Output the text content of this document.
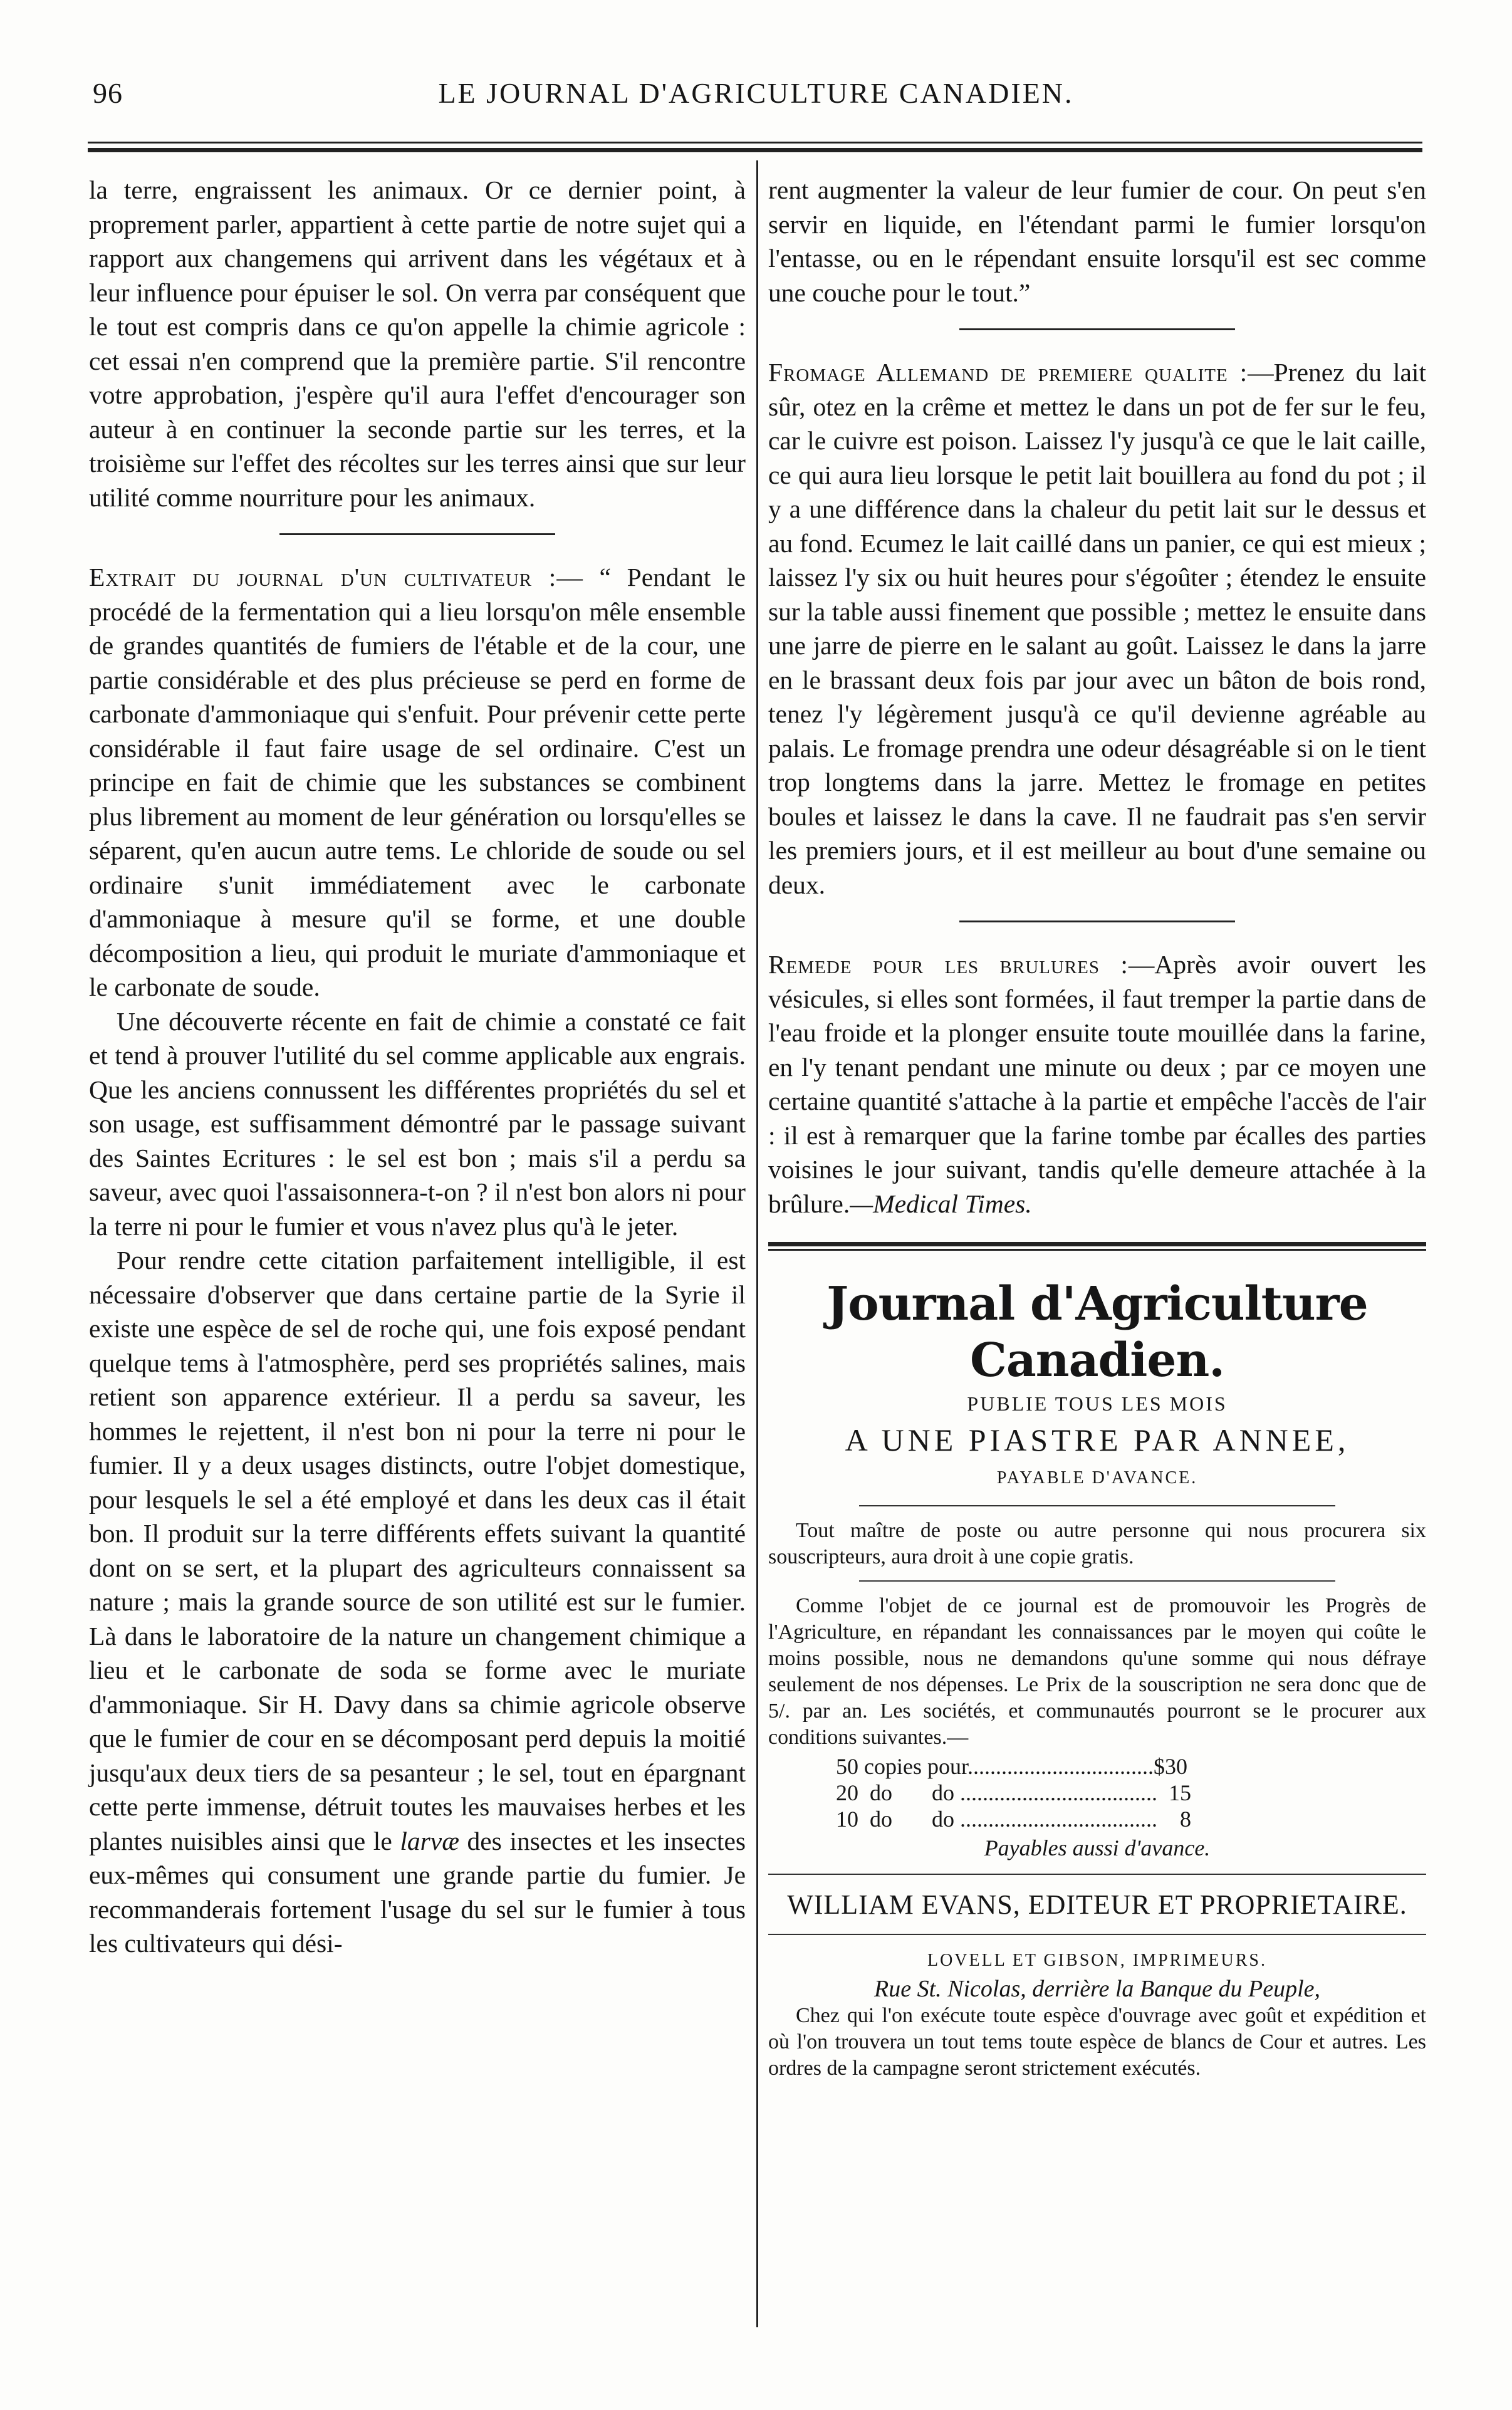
96	LE JOURNAL D'AGRICULTURE CANADIEN.

la terre, engraissent les animaux. Or ce dernier point, à proprement parler, appartient à cette partie de notre sujet qui a rapport aux changemens qui arrivent dans les végétaux et à leur influence pour épuiser le sol. On verra par conséquent que le tout est compris dans ce qu'on appelle la chimie agricole : cet essai n'en comprend que la première partie. S'il rencontre votre approbation, j'espère qu'il aura l'effet d'encourager son auteur à en continuer la seconde partie sur les terres, et la troisième sur l'effet des récoltes sur les terres ainsi que sur leur utilité comme nourriture pour les animaux.

Extrait du journal d'un cultivateur :— “ Pendant le procédé de la fermentation qui a lieu lorsqu'on mêle ensemble de grandes quantités de fumiers de l'étable et de la cour, une partie considérable et des plus précieuse se perd en forme de carbonate d'ammoniaque qui s'enfuit. Pour prévenir cette perte considérable il faut faire usage de sel ordinaire. C'est un principe en fait de chimie que les substances se combinent plus librement au moment de leur génération ou lorsqu'elles se séparent, qu'en aucun autre tems. Le chloride de soude ou sel ordinaire s'unit immédiatement avec le carbonate d'ammoniaque à mesure qu'il se forme, et une double décomposition a lieu, qui produit le muriate d'ammoniaque et le carbonate de soude.

Une découverte récente en fait de chimie a constaté ce fait et tend à prouver l'utilité du sel comme applicable aux engrais. Que les anciens connussent les différentes propriétés du sel et son usage, est suffisamment démontré par le passage suivant des Saintes Ecritures : le sel est bon ; mais s'il a perdu sa saveur, avec quoi l'assaisonnera-t-on ? il n'est bon alors ni pour la terre ni pour le fumier et vous n'avez plus qu'à le jeter.

Pour rendre cette citation parfaitement intelligible, il est nécessaire d'observer que dans certaine partie de la Syrie il existe une espèce de sel de roche qui, une fois exposé pendant quelque tems à l'atmosphère, perd ses propriétés salines, mais retient son apparence extérieur. Il a perdu sa saveur, les hommes le rejettent, il n'est bon ni pour la terre ni pour le fumier. Il y a deux usages distincts, outre l'objet domestique, pour lesquels le sel a été employé et dans les deux cas il était bon. Il produit sur la terre différents effets suivant la quantité dont on se sert, et la plupart des agriculteurs connaissent sa nature ; mais la grande source de son utilité est sur le fumier. Là dans le laboratoire de la nature un changement chimique a lieu et le carbonate de soda se forme avec le muriate d'ammoniaque. Sir H. Davy dans sa chimie agricole observe que le fumier de cour en se décomposant perd depuis la moitié jusqu'aux deux tiers de sa pesanteur ; le sel, tout en épargnant cette perte immense, détruit toutes les mauvaises herbes et les plantes nuisibles ainsi que le larvæ des insectes et les insectes eux-mêmes qui consument une grande partie du fumier. Je recommanderais fortement l'usage du sel sur le fumier à tous les cultivateurs qui dési-

rent augmenter la valeur de leur fumier de cour. On peut s'en servir en liquide, en l'étendant parmi le fumier lorsqu'on l'entasse, ou en le répendant ensuite lorsqu'il est sec comme une couche pour le tout.”

Fromage Allemand de premiere qualite :—Prenez du lait sûr, otez en la crême et mettez le dans un pot de fer sur le feu, car le cuivre est poison. Laissez l'y jusqu'à ce que le lait caille, ce qui aura lieu lorsque le petit lait bouillera au fond du pot ; il y a une différence dans la chaleur du petit lait sur le dessus et au fond. Ecumez le lait caillé dans un panier, ce qui est mieux ; laissez l'y six ou huit heures pour s'égoûter ; étendez le ensuite sur la table aussi finement que possible ; mettez le ensuite dans une jarre de pierre en le salant au goût. Laissez le dans la jarre en le brassant deux fois par jour avec un bâton de bois rond, tenez l'y légèrement jusqu'à ce qu'il devienne agréable au palais. Le fromage prendra une odeur désagréable si on le tient trop longtems dans la jarre. Mettez le fromage en petites boules et laissez le dans la cave. Il ne faudrait pas s'en servir les premiers jours, et il est meilleur au bout d'une semaine ou deux.

Remede pour les brulures :—Après avoir ouvert les vésicules, si elles sont formées, il faut tremper la partie dans de l'eau froide et la plonger ensuite toute mouillée dans la farine, en l'y tenant pendant une minute ou deux ; par ce moyen une certaine quantité s'attache à la partie et empêche l'accès de l'air : il est à remarquer que la farine tombe par écalles des parties voisines le jour suivant, tandis qu'elle demeure attachée à la brûlure.—Medical Times.

Journal d'Agriculture Canadien.
PUBLIE TOUS LES MOIS
A UNE PIASTRE PAR ANNEE,
PAYABLE D'AVANCE.

Tout maître de poste ou autre personne qui nous procurera six souscripteurs, aura droit à une copie gratis.

Comme l'objet de ce journal est de promouvoir les Progrès de l'Agriculture, en répandant les connaissances par le moyen qui coûte le moins possible, nous ne demandons qu'une somme qui nous défraye seulement de nos dépenses. Le Prix de la souscription ne sera donc que de 5/. par an. Les sociétés, et communautés pourront se le procurer aux conditions suivantes.—

50 copies pour.................................$30
20  do       do ...................................  15
10  do       do ...................................    8
Payables aussi d'avance.
WILLIAM EVANS, EDITEUR ET PROPRIETAIRE.
LOVELL ET GIBSON, IMPRIMEURS.
Rue St. Nicolas, derrière la Banque du Peuple,

Chez qui l'on exécute toute espèce d'ouvrage avec goût et expédition et où l'on trouvera un tout tems toute espèce de blancs de Cour et autres. Les ordres de la campagne seront strictement exécutés.
